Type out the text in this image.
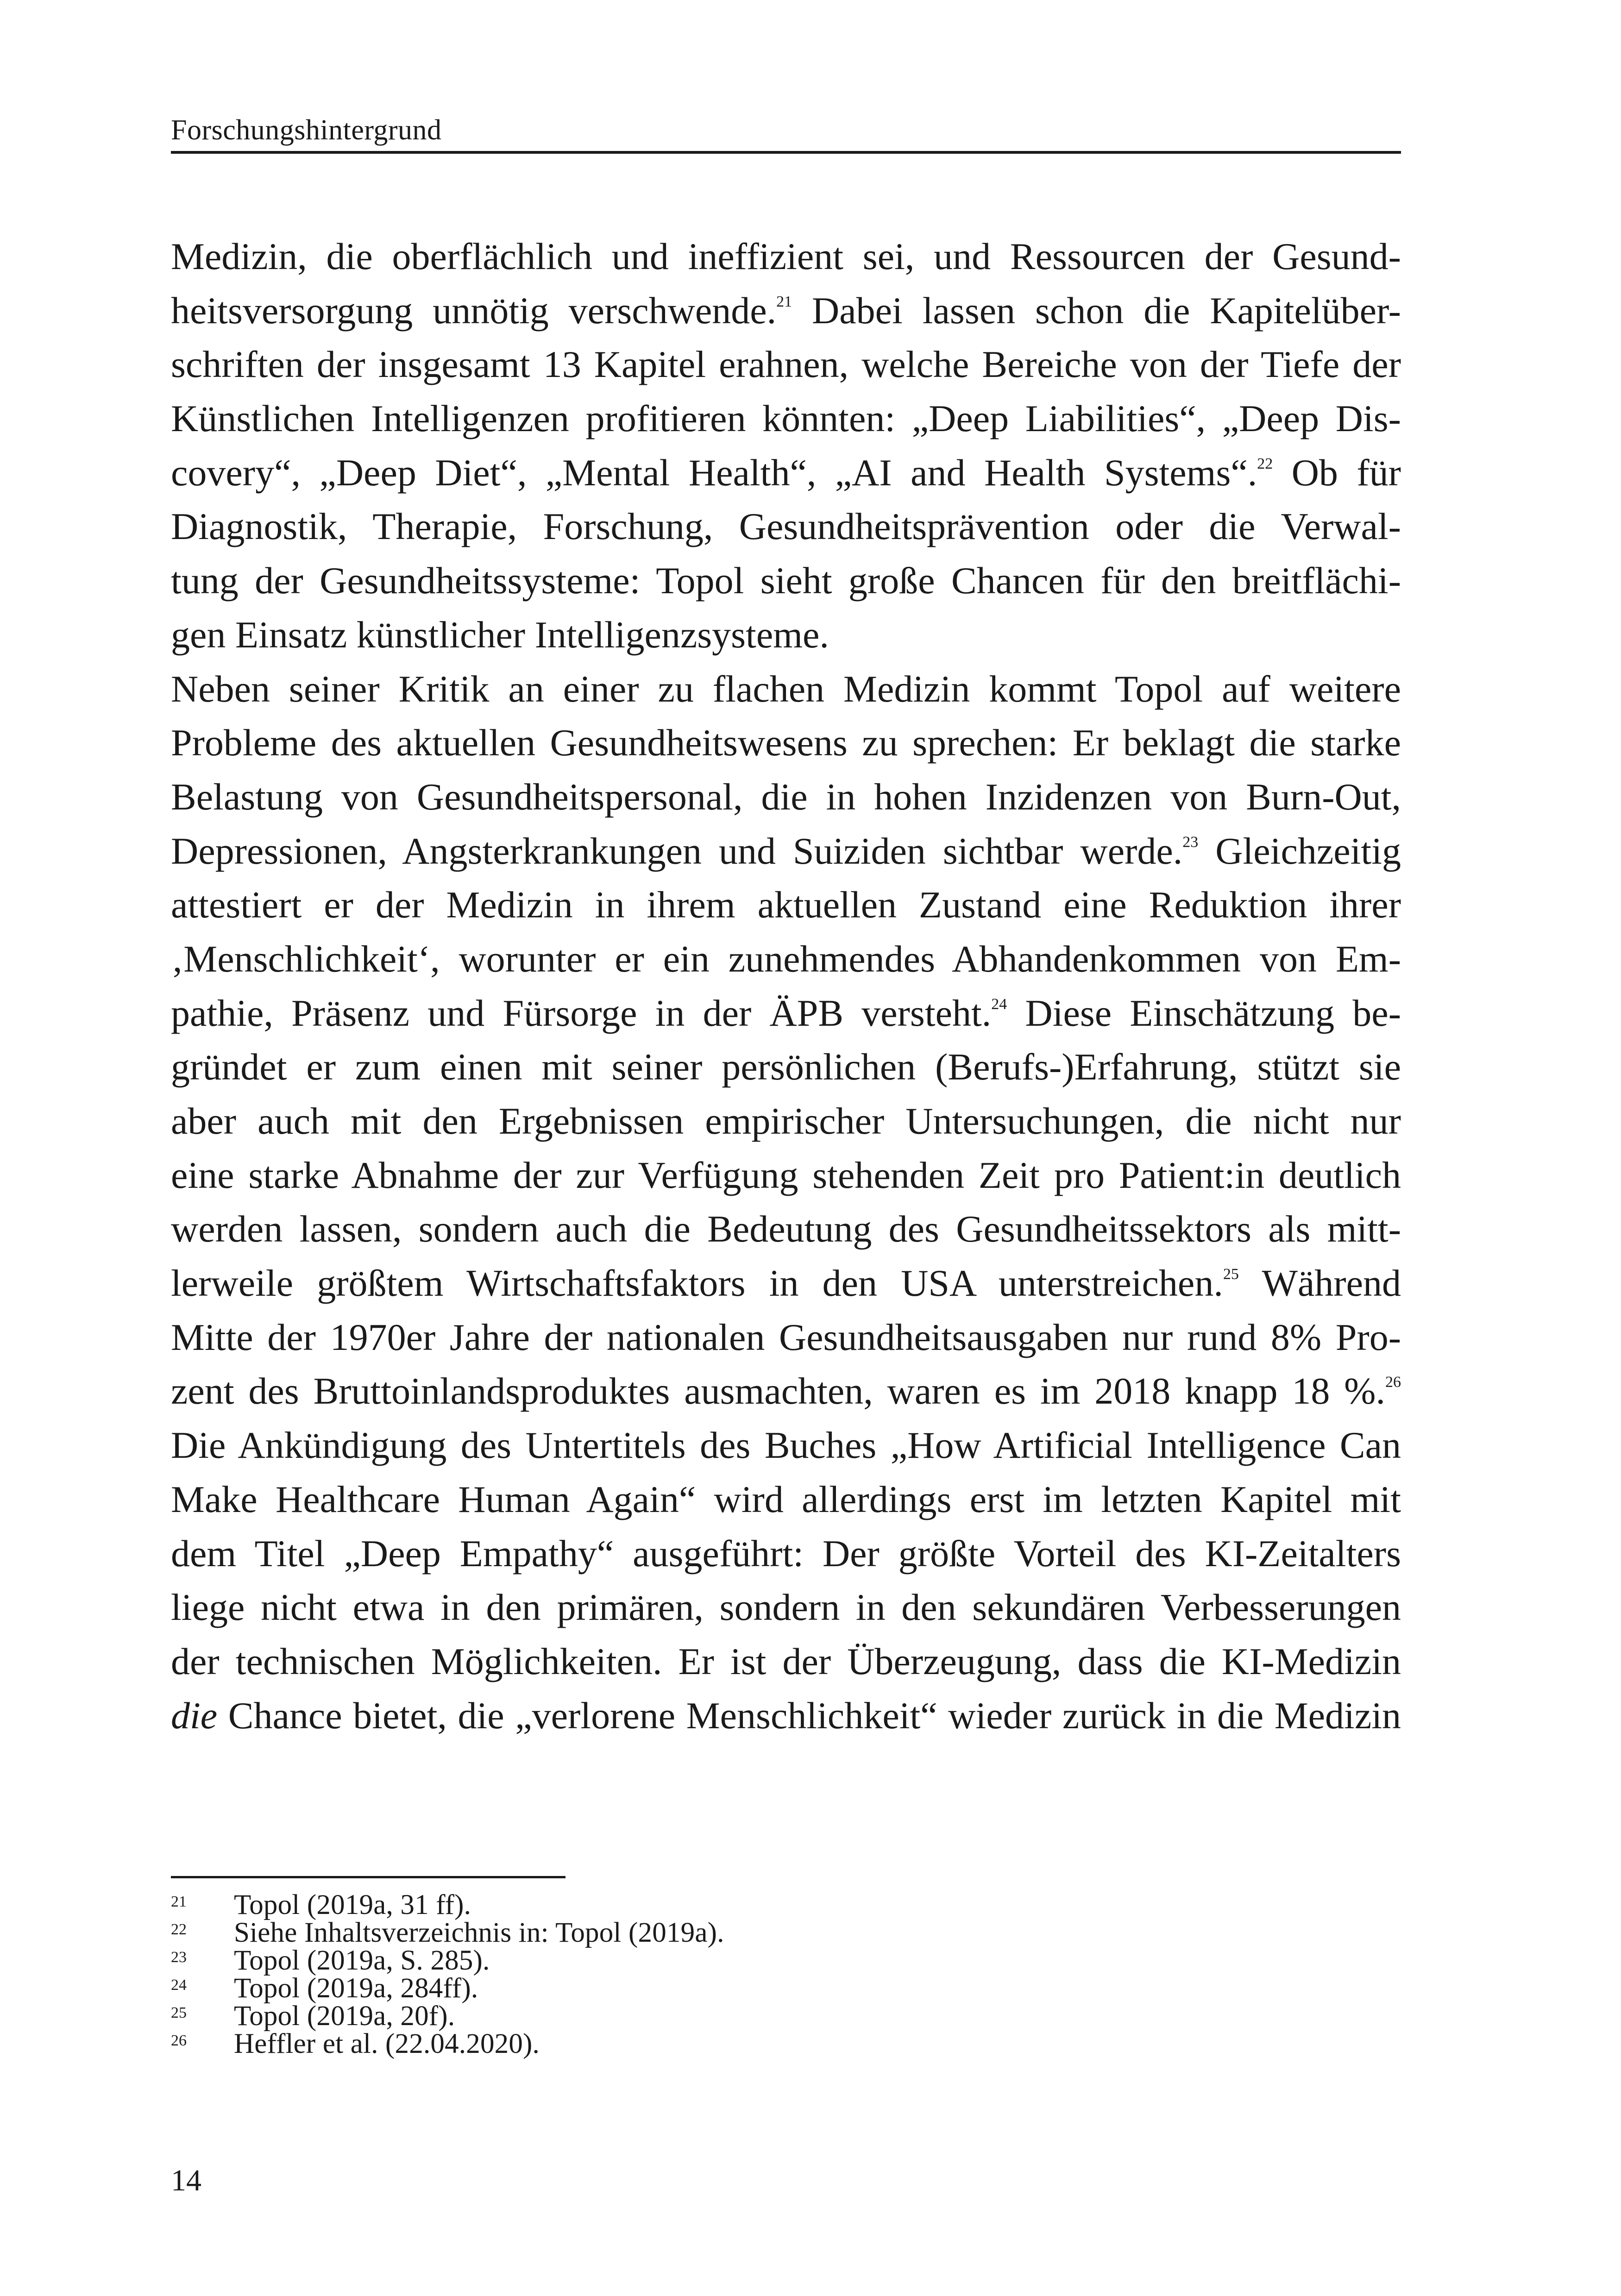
Forschungshintergrund
Medizin, die oberflächlich und ineffizient sei, und Ressourcen der Gesund-
heitsversorgung unnötig verschwende.$^{21}$ Dabei lassen schon die Kapitelüber-
schriften der insgesamt 13 Kapitel erahnen, welche Bereiche von der Tiefe der
Künstlichen Intelligenzen profitieren könnten: „Deep Liabilities“, „Deep Dis-
covery“, „Deep Diet“, „Mental Health“, „AI and Health Systems“.$^{22}$ Ob für
Diagnostik, Therapie, Forschung, Gesundheitsprävention oder die Verwal-
tung der Gesundheitssysteme: Topol sieht große Chancen für den breitflächi-
gen Einsatz künstlicher Intelligenzsysteme.
Neben seiner Kritik an einer zu flachen Medizin kommt Topol auf weitere
Probleme des aktuellen Gesundheitswesens zu sprechen: Er beklagt die starke
Belastung von Gesundheitspersonal, die in hohen Inzidenzen von Burn-Out,
Depressionen, Angsterkrankungen und Suiziden sichtbar werde.$^{23}$ Gleichzeitig
attestiert er der Medizin in ihrem aktuellen Zustand eine Reduktion ihrer
‚Menschlichkeit‘, worunter er ein zunehmendes Abhandenkommen von Em-
pathie, Präsenz und Fürsorge in der ÄPB versteht.$^{24}$ Diese Einschätzung be-
gründet er zum einen mit seiner persönlichen (Berufs-)Erfahrung, stützt sie
aber auch mit den Ergebnissen empirischer Untersuchungen, die nicht nur
eine starke Abnahme der zur Verfügung stehenden Zeit pro Patient:in deutlich
werden lassen, sondern auch die Bedeutung des Gesundheitssektors als mitt-
lerweile größtem Wirtschaftsfaktors in den USA unterstreichen.$^{25}$ Während
Mitte der 1970er Jahre der nationalen Gesundheitsausgaben nur rund 8% Pro-
zent des Bruttoinlandsproduktes ausmachten, waren es im 2018 knapp 18 %.$^{26}$
Die Ankündigung des Untertitels des Buches „How Artificial Intelligence Can
Make Healthcare Human Again“ wird allerdings erst im letzten Kapitel mit
dem Titel „Deep Empathy“ ausgeführt: Der größte Vorteil des KI-Zeitalters
liege nicht etwa in den primären, sondern in den sekundären Verbesserungen
der technischen Möglichkeiten. Er ist der Überzeugung, dass die KI-Medizin
die Chance bietet, die „verlorene Menschlichkeit“ wieder zurück in die Medizin
21 Topol (2019a, 31 ff).
22 Siehe Inhaltsverzeichnis in: Topol (2019a).
23 Topol (2019a, S. 285).
24 Topol (2019a, 284ff).
25 Topol (2019a, 20f).
26 Heffler et al. (22.04.2020).
14
